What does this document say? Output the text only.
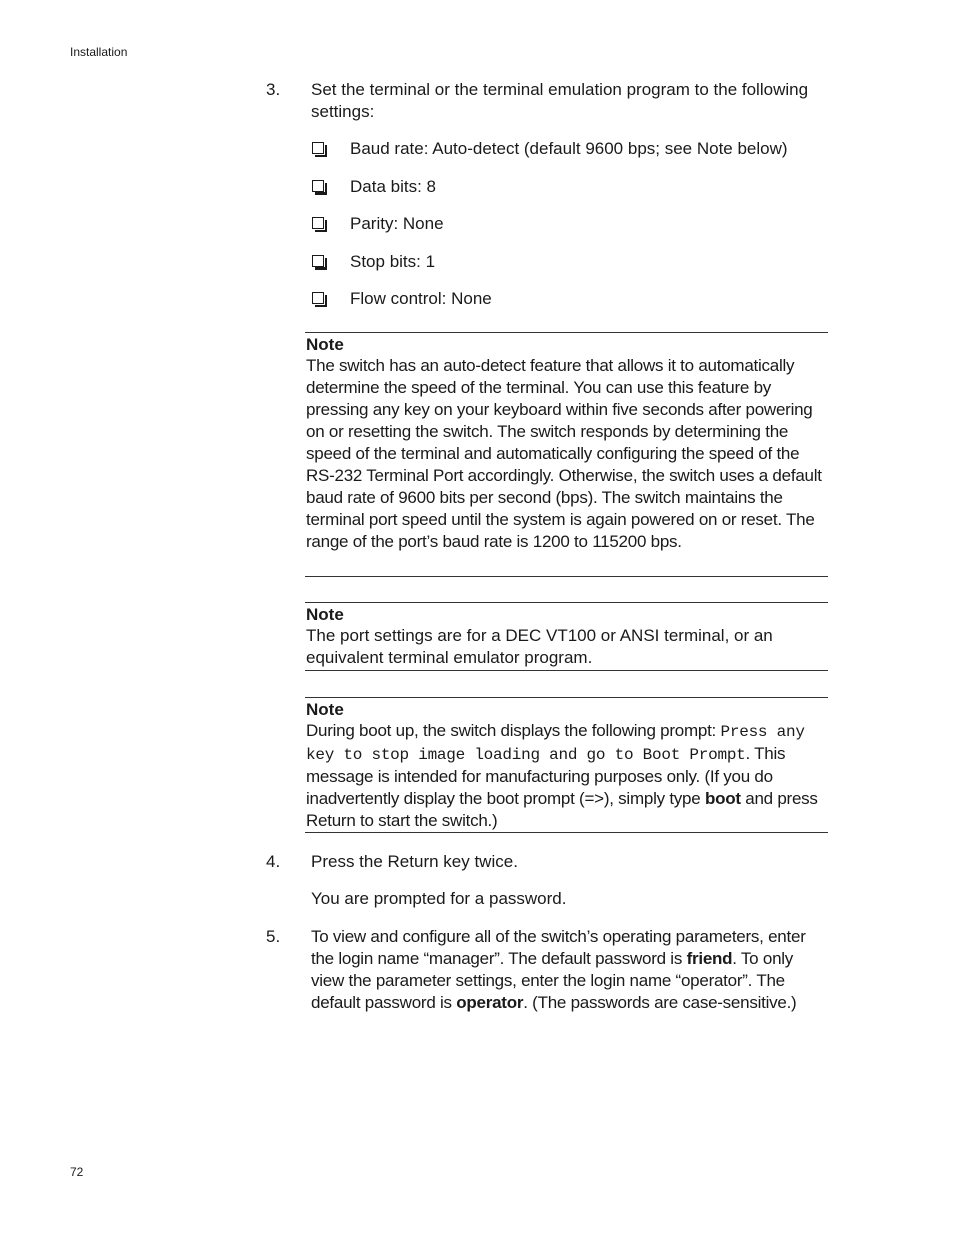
Installation
3. Set the terminal or the terminal emulation program to the following settings:
Baud rate: Auto-detect (default 9600 bps; see Note below)
Data bits: 8
Parity: None
Stop bits: 1
Flow control: None
Note
The switch has an auto-detect feature that allows it to automatically determine the speed of the terminal. You can use this feature by pressing any key on your keyboard within five seconds after powering on or resetting the switch. The switch responds by determining the speed of the terminal and automatically configuring the speed of the RS-232 Terminal Port accordingly. Otherwise, the switch uses a default baud rate of 9600 bits per second (bps). The switch maintains the terminal port speed until the system is again powered on or reset. The range of the port’s baud rate is 1200 to 115200 bps.
Note
The port settings are for a DEC VT100 or ANSI terminal, or an equivalent terminal emulator program.
Note
During boot up, the switch displays the following prompt: Press any key to stop image loading and go to Boot Prompt. This message is intended for manufacturing purposes only. (If you do inadvertently display the boot prompt (=>), simply type boot and press Return to start the switch.)
4. Press the Return key twice.
You are prompted for a password.
5. To view and configure all of the switch’s operating parameters, enter the login name “manager”. The default password is friend. To only view the parameter settings, enter the login name “operator”. The default password is operator. (The passwords are case-sensitive.)
72
